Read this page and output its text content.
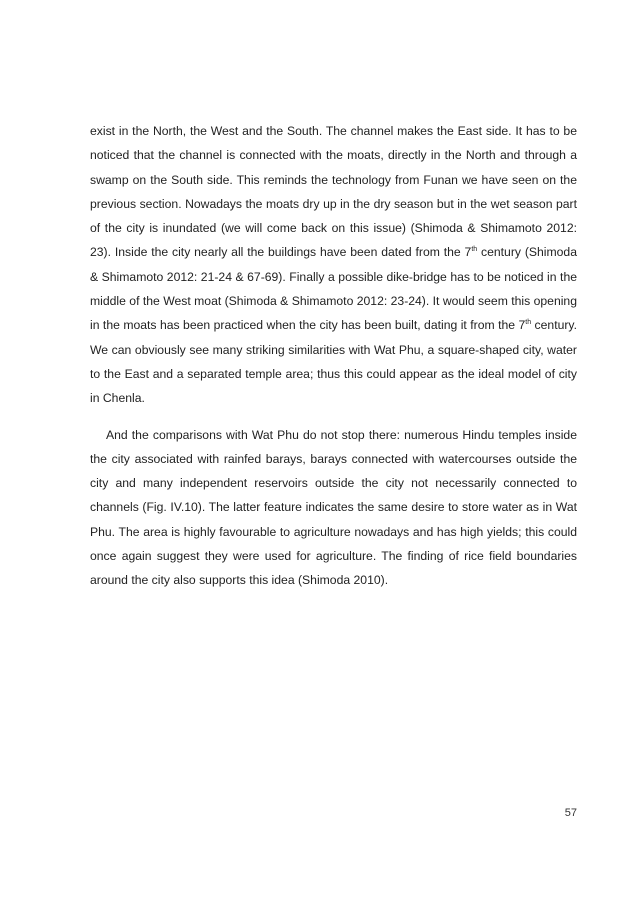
exist in the North, the West and the South. The channel makes the East side. It has to be noticed that the channel is connected with the moats, directly in the North and through a swamp on the South side. This reminds the technology from Funan we have seen on the previous section. Nowadays the moats dry up in the dry season but in the wet season part of the city is inundated (we will come back on this issue) (Shimoda & Shimamoto 2012: 23). Inside the city nearly all the buildings have been dated from the 7th century (Shimoda & Shimamoto 2012: 21-24 & 67-69). Finally a possible dike-bridge has to be noticed in the middle of the West moat (Shimoda & Shimamoto 2012: 23-24). It would seem this opening in the moats has been practiced when the city has been built, dating it from the 7th century. We can obviously see many striking similarities with Wat Phu, a square-shaped city, water to the East and a separated temple area; thus this could appear as the ideal model of city in Chenla.

And the comparisons with Wat Phu do not stop there: numerous Hindu temples inside the city associated with rainfed barays, barays connected with watercourses outside the city and many independent reservoirs outside the city not necessarily connected to channels (Fig. IV.10). The latter feature indicates the same desire to store water as in Wat Phu. The area is highly favourable to agriculture nowadays and has high yields; this could once again suggest they were used for agriculture. The finding of rice field boundaries around the city also supports this idea (Shimoda 2010).

57
